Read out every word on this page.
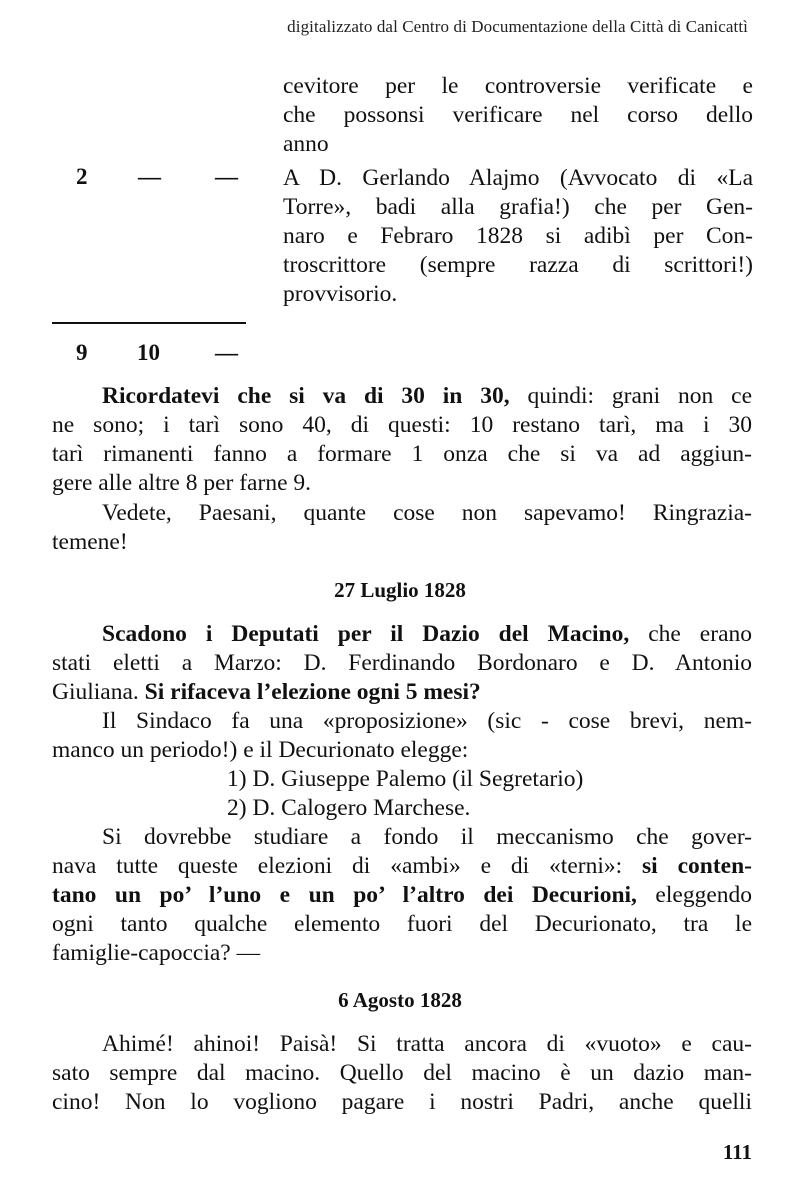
digitalizzato dal Centro di Documentazione della Città di Canicattì
cevitore per le controversie verificate e
che possonsi verificare nel corso dello
anno
2 — — A D. Gerlando Alajmo (Avvocato di «La
Torre», badi alla grafia!) che per Gen-
naro e Febraro 1828 si adibì per Con-
troscrittore (sempre razza di scrittori!)
provvisorio.
9 10 —
Ricordatevi che si va di 30 in 30, quindi: grani non ce
ne sono; i tarì sono 40, di questi: 10 restano tarì, ma i 30
tarì rimanenti fanno a formare 1 onza che si va ad aggiun-
gere alle altre 8 per farne 9.
Vedete, Paesani, quante cose non sapevamo! Ringrazia-
temene!
27 Luglio 1828
Scadono i Deputati per il Dazio del Macino, che erano
stati eletti a Marzo: D. Ferdinando Bordonaro e D. Antonio
Giuliana. Si rifaceva l’elezione ogni 5 mesi?
Il Sindaco fa una «proposizione» (sic - cose brevi, nem-
manco un periodo!) e il Decurionato elegge:
1) D. Giuseppe Palemo (il Segretario)
2) D. Calogero Marchese.
Si dovrebbe studiare a fondo il meccanismo che gover-
nava tutte queste elezioni di «ambi» e di «terni»: si conten-
tano un po’ l’uno e un po’ l’altro dei Decurioni, eleggendo
ogni tanto qualche elemento fuori del Decurionato, tra le
famiglie-capoccia? —
6 Agosto 1828
Ahimé! ahinoi! Paisà! Si tratta ancora di «vuoto» e cau-
sato sempre dal macino. Quello del macino è un dazio man-
cino! Non lo vogliono pagare i nostri Padri, anche quelli
111
